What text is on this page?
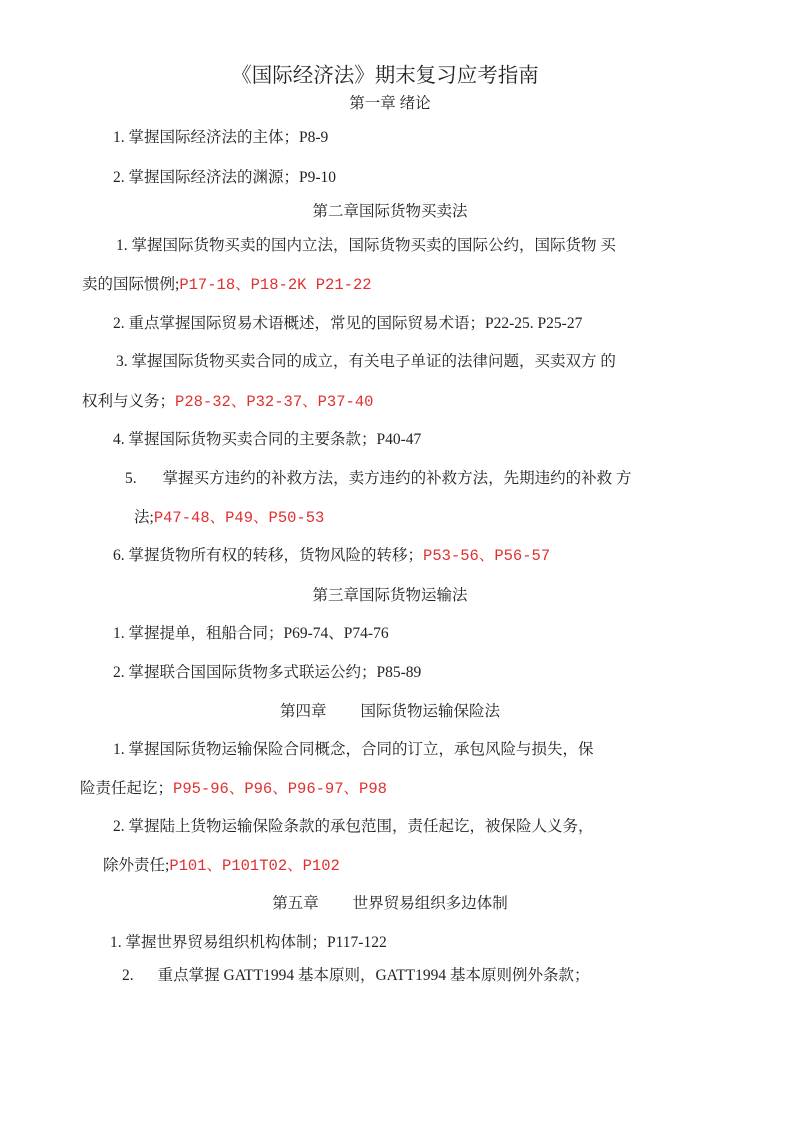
《国际经济法》期末复习应考指南
第一章 绪论
1. 掌握国际经济法的主体；P8-9
2. 掌握国际经济法的渊源；P9-10
第二章国际货物买卖法
1. 掌握国际货物买卖的国内立法，国际货物买卖的国际公约，国际货物 买
卖的国际惯例;P17-18、P18-2K P21-22
2. 重点掌握国际贸易术语概述，常见的国际贸易术语；P22-25. P25-27
3. 掌握国际货物买卖合同的成立，有关电子单证的法律问题，买卖双方 的
权利与义务；P28-32、P32-37、P37-40
4. 掌握国际货物买卖合同的主要条款；P40-47
5. 掌握买方违约的补救方法，卖方违约的补救方法，先期违约的补救 方
法;P47-48、P49、P50-53
6. 掌握货物所有权的转移，货物风险的转移；P53-56、P56-57
第三章国际货物运输法
1. 掌握提单，租船合同；P69-74、P74-76
2. 掌握联合国国际货物多式联运公约；P85-89
第四章 国际货物运输保险法
1. 掌握国际货物运输保险合同概念，合同的订立，承包风险与损失，保
险责任起讫；P95-96、P96、P96-97、P98
2. 掌握陆上货物运输保险条款的承包范围，责任起讫，被保险人义务，
除外责任;P101、P101T02、P102
第五章 世界贸易组织多边体制
1. 掌握世界贸易组织机构体制；P117-122
2. 重点掌握 GATT1994 基本原则，GATT1994 基本原则例外条款；
